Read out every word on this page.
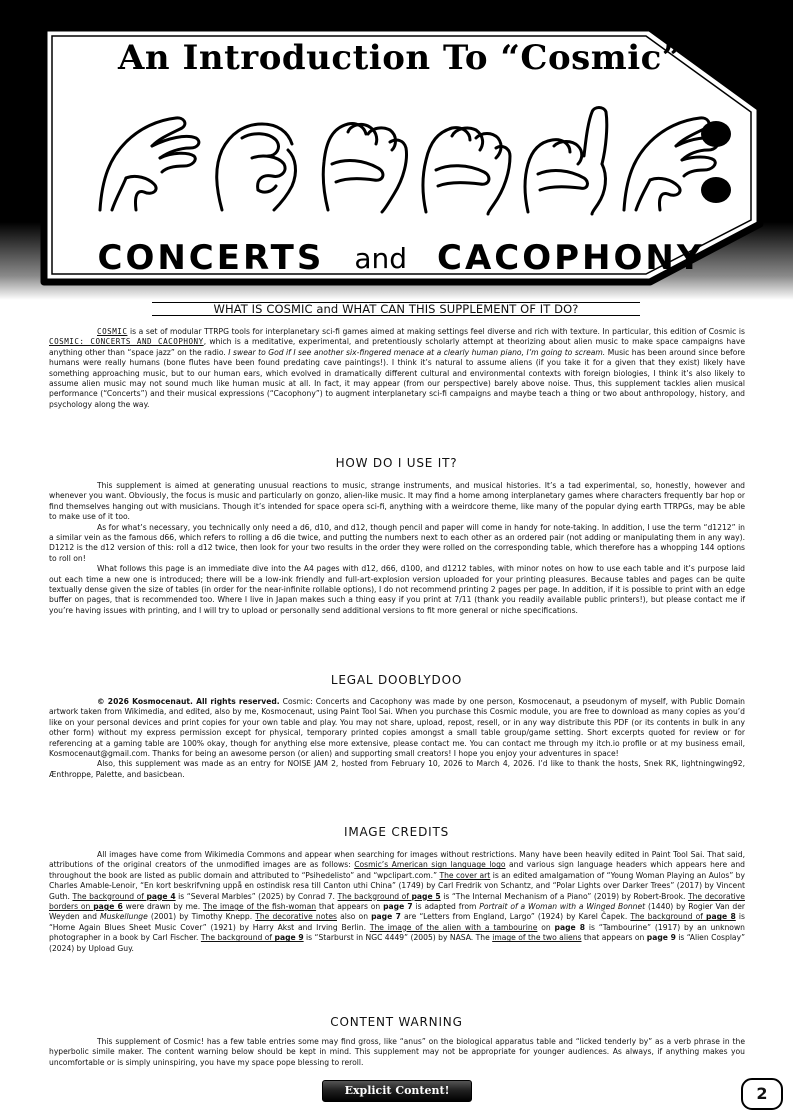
An Introduction To “Cosmic”
CONCERTS and CACOPHONY
WHAT IS COSMIC and WHAT CAN THIS SUPPLEMENT OF IT DO?

COSMIC is a set of modular TTRPG tools for interplanetary sci-fi games aimed at making settings feel diverse and rich with texture. In particular, this edition of Cosmic is COSMIC: CONCERTS AND CACOPHONY, which is a meditative, experimental, and pretentiously scholarly attempt at theorizing about alien music to make space campaigns have anything other than “space jazz” on the radio. I swear to God if I see another six-fingered menace at a clearly human piano, I’m going to scream. Music has been around since before humans were really humans (bone flutes have been found predating cave paintings!). I think it’s natural to assume aliens (if you take it for a given that they exist) likely have something approaching music, but to our human ears, which evolved in dramatically different cultural and environmental contexts with foreign biologies, I think it’s also likely to assume alien music may not sound much like human music at all. In fact, it may appear (from our perspective) barely above noise. Thus, this supplement tackles alien musical performance (“Concerts”) and their musical expressions (“Cacophony”) to augment interplanetary sci-fi campaigns and maybe teach a thing or two about anthropology, history, and psychology along the way.

HOW DO I USE IT?

This supplement is aimed at generating unusual reactions to music, strange instruments, and musical histories. It’s a tad experimental, so, honestly, however and whenever you want. Obviously, the focus is music and particularly on gonzo, alien-like music. It may find a home among interplanetary games where characters frequently bar hop or find themselves hanging out with musicians. Though it’s intended for space opera sci-fi, anything with a weirdcore theme, like many of the popular dying earth TTRPGs, may be able to make use of it too.

As for what’s necessary, you technically only need a d6, d10, and d12, though pencil and paper will come in handy for note-taking. In addition, I use the term “d1212” in a similar vein as the famous d66, which refers to rolling a d6 die twice, and putting the numbers next to each other as an ordered pair (not adding or manipulating them in any way). D1212 is the d12 version of this: roll a d12 twice, then look for your two results in the order they were rolled on the corresponding table, which therefore has a whopping 144 options to roll on!

What follows this page is an immediate dive into the A4 pages with d12, d66, d100, and d1212 tables, with minor notes on how to use each table and it’s purpose laid out each time a new one is introduced; there will be a low-ink friendly and full-art-explosion version uploaded for your printing pleasures. Because tables and pages can be quite textually dense given the size of tables (in order for the near-infinite rollable options), I do not recommend printing 2 pages per page. In addition, if it is possible to print with an edge buffer on pages, that is recommended too. Where I live in Japan makes such a thing easy if you print at 7/11 (thank you readily available public printers!), but please contact me if you’re having issues with printing, and I will try to upload or personally send additional versions to fit more general or niche specifications.

LEGAL DOOBLYDOO

© 2026 Kosmocenaut. All rights reserved. Cosmic: Concerts and Cacophony was made by one person, Kosmocenaut, a pseudonym of myself, with Public Domain artwork taken from Wikimedia, and edited, also by me, Kosmocenaut, using Paint Tool Sai. When you purchase this Cosmic module, you are free to download as many copies as you’d like on your personal devices and print copies for your own table and play. You may not share, upload, repost, resell, or in any way distribute this PDF (or its contents in bulk in any other form) without my express permission except for physical, temporary printed copies amongst a small table group/game setting. Short excerpts quoted for review or for referencing at a gaming table are 100% okay, though for anything else more extensive, please contact me. You can contact me through my itch.io profile or at my business email, Kosmocenaut@gmail.com. Thanks for being an awesome person (or alien) and supporting small creators! I hope you enjoy your adventures in space!

Also, this supplement was made as an entry for NOISE JAM 2, hosted from February 10, 2026 to March 4, 2026. I’d like to thank the hosts, Snek RK, lightningwing92, Ænthroppe, Palette, and basicbean.

IMAGE CREDITS

All images have come from Wikimedia Commons and appear when searching for images without restrictions. Many have been heavily edited in Paint Tool Sai. That said, attributions of the original creators of the unmodified images are as follows: Cosmic’s American sign language logo and various sign language headers which appears here and throughout the book are listed as public domain and attributed to “Psihedelisto” and “wpclipart.com.” The cover art is an edited amalgamation of “Young Woman Playing an Aulos” by Charles Amable-Lenoir, “En kort beskrifvning uppå en ostindisk resa till Canton uthi China” (1749) by Carl Fredrik von Schantz, and “Polar Lights over Darker Trees” (2017) by Vincent Guth. The background of page 4 is “Several Marbles” (2025) by Conrad 7. The background of page 5 is “The Internal Mechanism of a Piano” (2019) by Robert-Brook. The decorative borders on page 6 were drawn by me. The image of the fish-woman that appears on page 7 is adapted from Portrait of a Woman with a Winged Bonnet (1440) by Rogier Van der Weyden and Muskellunge (2001) by Timothy Knepp. The decorative notes also on page 7 are “Letters from England, Largo” (1924) by Karel Čapek. The background of page 8 is “Home Again Blues Sheet Music Cover” (1921) by Harry Akst and Irving Berlin. The image of the alien with a tambourine on page 8 is “Tambourine” (1917) by an unknown photographer in a book by Carl Fischer. The background of page 9 is “Starburst in NGC 4449” (2005) by NASA. The image of the two aliens that appears on page 9 is “Alien Cosplay” (2024) by Upload Guy.

CONTENT WARNING

This supplement of Cosmic! has a few table entries some may find gross, like “anus” on the biological apparatus table and “licked tenderly by” as a verb phrase in the hyperbolic simile maker. The content warning below should be kept in mind. This supplement may not be appropriate for younger audiences. As always, if anything makes you uncomfortable or is simply uninspiring, you have my space pope blessing to reroll.

Explicit Content!	2
